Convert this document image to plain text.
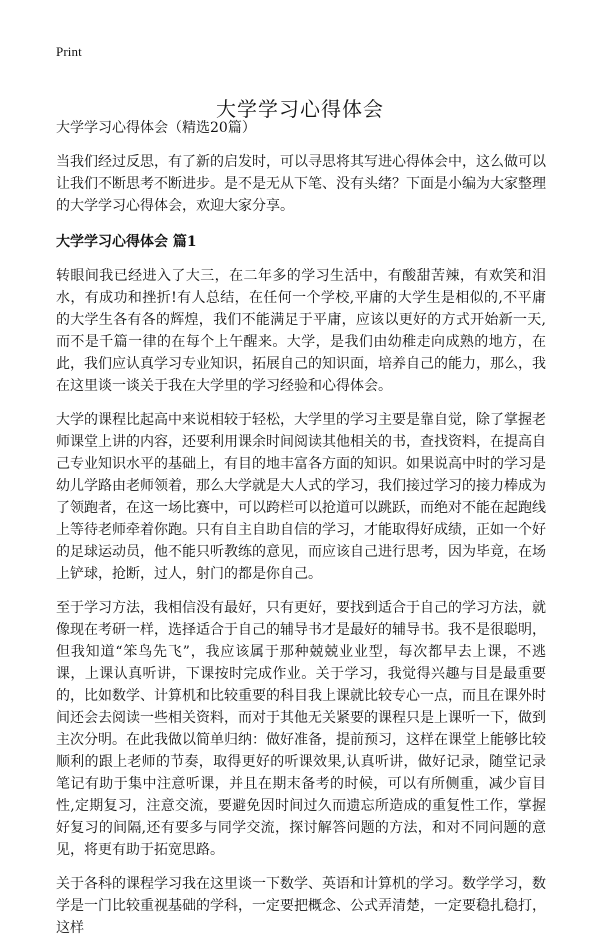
Print
大学学习心得体会

大学学习心得体会（精选20篇）

当我们经过反思，有了新的启发时，可以寻思将其写进心得体会中，这么做可以让我们不断思考不断进步。是不是无从下笔、没有头绪？下面是小编为大家整理的大学学习心得体会，欢迎大家分享。

大学学习心得体会 篇1

转眼间我已经进入了大三，在二年多的学习生活中，有酸甜苦辣，有欢笑和泪水，有成功和挫折!有人总结，在任何一个学校,平庸的大学生是相似的,不平庸的大学生各有各的辉煌，我们不能满足于平庸，应该以更好的方式开始新一天,而不是千篇一律的在每个上午醒来。大学，是我们由幼稚走向成熟的地方，在此，我们应认真学习专业知识，拓展自己的知识面，培养自己的能力，那么，我在这里谈一谈关于我在大学里的学习经验和心得体会。

大学的课程比起高中来说相较于轻松，大学里的学习主要是靠自觉，除了掌握老师课堂上讲的内容，还要利用课余时间阅读其他相关的书，查找资料，在提高自己专业知识水平的基础上，有目的地丰富各方面的知识。如果说高中时的学习是幼儿学路由老师领着，那么大学就是大人式的学习，我们接过学习的接力棒成为了领跑者，在这一场比赛中，可以跨栏可以抢道可以跳跃，而绝对不能在起跑线上等待老师牵着你跑。只有自主自助自信的学习，才能取得好成绩，正如一个好的足球运动员，他不能只听教练的意见，而应该自己进行思考，因为毕竟，在场上铲球，抢断，过人，射门的都是你自己。

至于学习方法，我相信没有最好，只有更好，要找到适合于自己的学习方法，就像现在考研一样，选择适合于自己的辅导书才是最好的辅导书。我不是很聪明，但我知道“笨鸟先飞”，我应该属于那种兢兢业业型，每次都早去上课，不逃课，上课认真听讲，下课按时完成作业。关于学习，我觉得兴趣与目是最重要的，比如数学、计算机和比较重要的科目我上课就比较专心一点，而且在课外时间还会去阅读一些相关资料，而对于其他无关紧要的课程只是上课听一下，做到主次分明。在此我做以简单归纳：做好准备，提前预习，这样在课堂上能够比较顺利的跟上老师的节奏，取得更好的听课效果,认真听讲，做好记录，随堂记录笔记有助于集中注意听课，并且在期末备考的时候，可以有所侧重，减少盲目性,定期复习，注意交流，要避免因时间过久而遗忘所造成的重复性工作，掌握好复习的间隔,还有要多与同学交流，探讨解答问题的方法，和对不同问题的意见，将更有助于拓宽思路。

关于各科的课程学习我在这里谈一下数学、英语和计算机的学习。数学学习，数学是一门比较重视基础的学科，一定要把概念、公式弄清楚，一定要稳扎稳打，这样
